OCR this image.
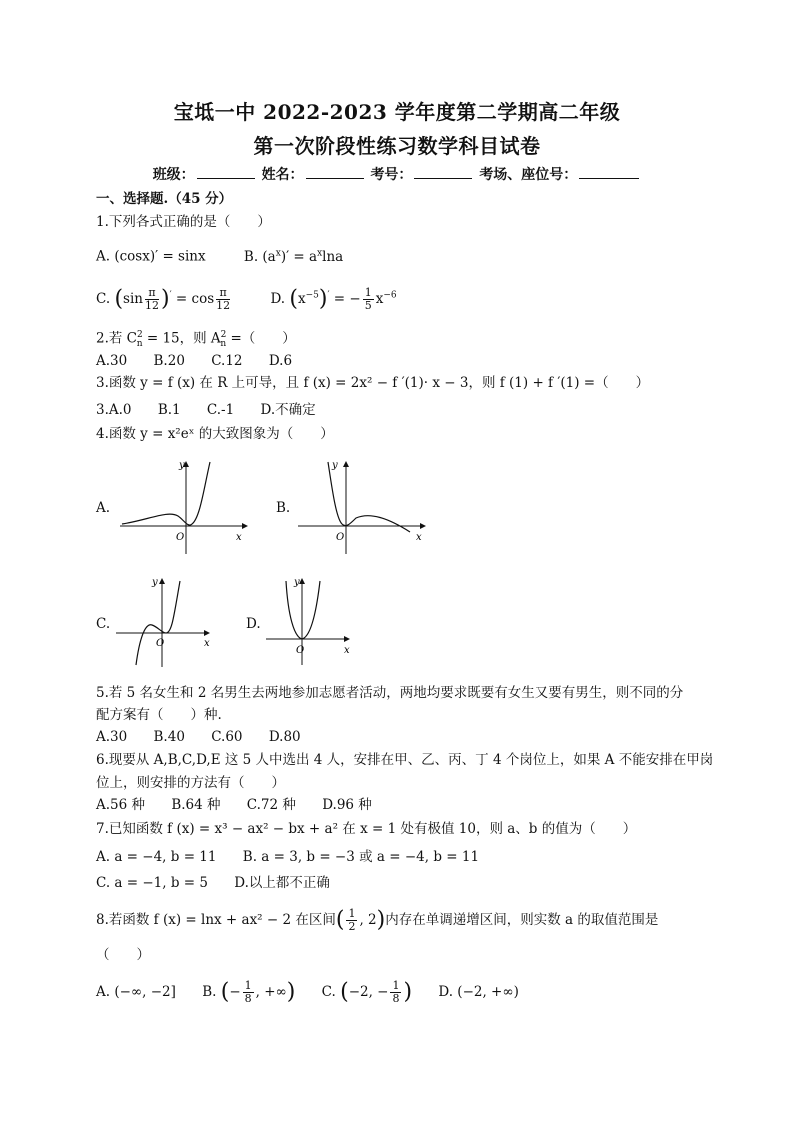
宝坻一中 2022-2023 学年度第二学期高二年级
第一次阶段性练习数学科目试卷
班级：	姓名：	考号：	考场、座位号：
一、选择题.（45 分）
1.下列各式正确的是（　　）
A. (cosx)′ = sinx	B. $(a^x)' = a^x\ln a$
C. $(\sin \frac{\pi}{12} )' = \cos \frac{\pi}{12}$	D. $(x^{-5})'$ = − $\frac{1}{5} x^{-6}$
2.若 $C^2_n = 15$，则 $A^2_n$ =（　　）
A.30 B.20 C.12 D.6
3.函数 y = f (x) 在 R 上可导，且 f (x) = 2x² − f ′(1)· x − 3，则 f (1) + f ′(1) =（　　）
3.A.0 B.1 C.-1 D.不确定
4.函数 y = x²eˣ 的大致图象为（　　）
A.
y
x
O
B.
y
x
O
C.
y
x
O
D.
y
x
O
5.若 5 名女生和 2 名男生去两地参加志愿者活动，两地均要求既要有女生又要有男生，则不同的分
配方案有（　　）种.
A.30 B.40 C.60 D.80
6.现要从 A,B,C,D,E 这 5 人中选出 4 人，安排在甲、乙、丙、丁 4 个岗位上，如果 A 不能安排在甲岗
位上，则安排的方法有（　　）
A.56 种 B.64 种 C.72 种 D.96 种
7.已知函数 f (x) = x³ − ax² − bx + a² 在 x = 1 处有极值 10，则 a、b 的值为（　　）
A. a = −4, b = 11 B. a = 3, b = −3 或 a = −4, b = 11
C. a = −1, b = 5 D.以上都不正确
8.若函数 f (x) = lnx + ax² − 2 在区间( $\frac{1}{2}$ , 2)内存在单调递增区间，则实数 a 的取值范围是
（　　）
A. (−∞, −2] B. (− $\frac{1}{8}$ , +∞) C. (−2, − $\frac{1}{8}$ ) D. (−2, +∞)
